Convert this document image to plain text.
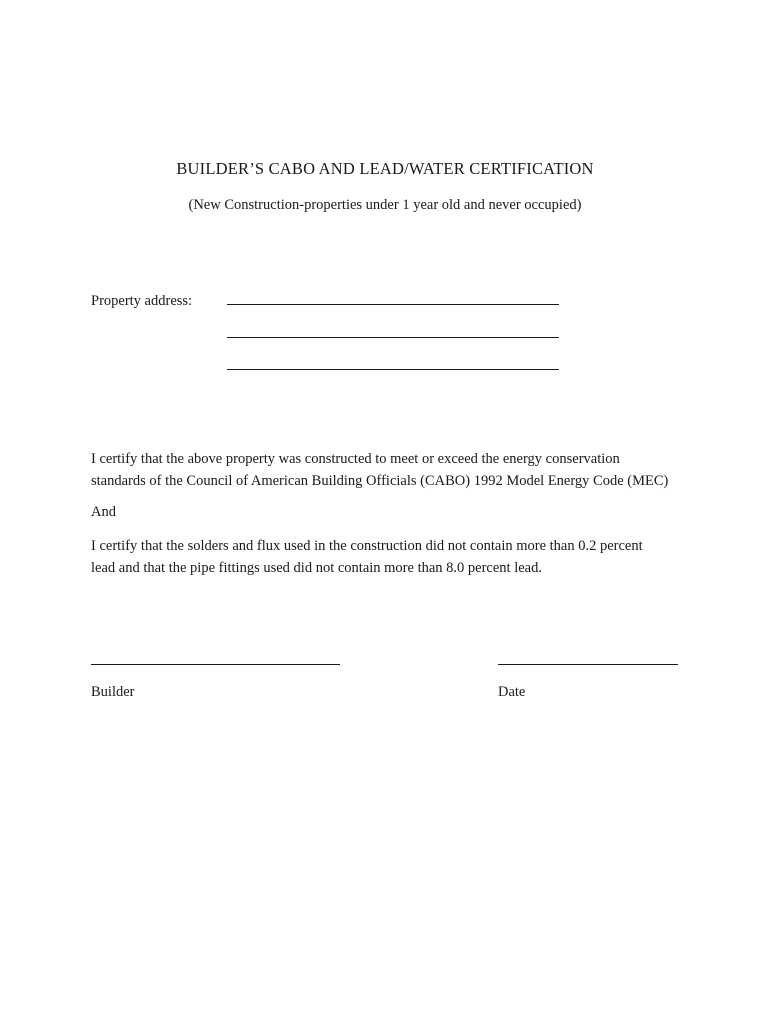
BUILDER’S CABO AND LEAD/WATER CERTIFICATION
(New Construction-properties under 1 year old and never occupied)
Property address:

I certify that the above property was constructed to meet or exceed the energy conservation
standards of the Council of American Building Officials (CABO) 1992 Model Energy Code (MEC)

And

I certify that the solders and flux used in the construction did not contain more than 0.2 percent
lead and that the pipe fittings used did not contain more than 8.0 percent lead.

Builder	Date
